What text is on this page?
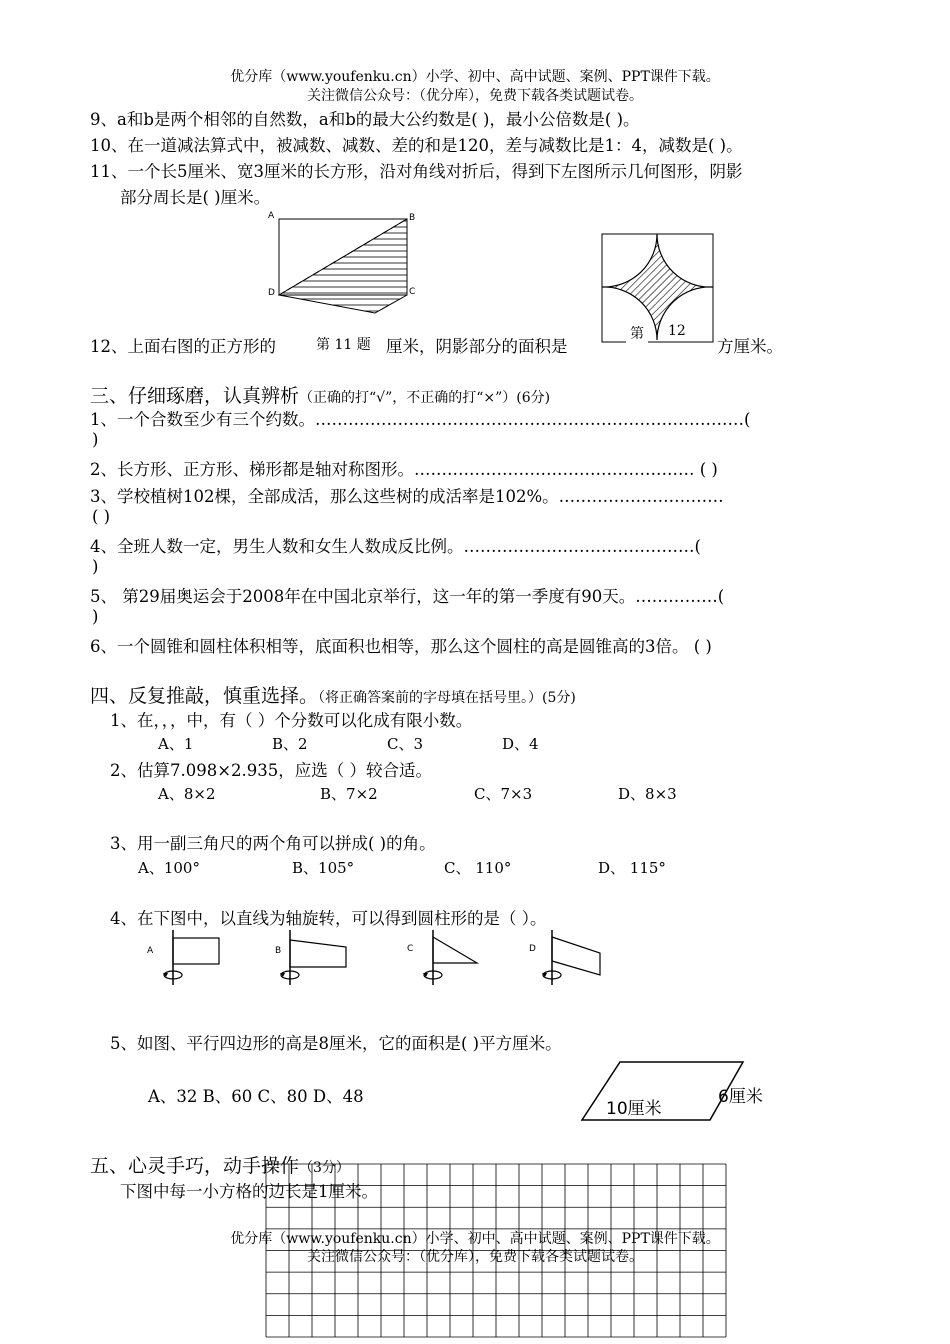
优分库（www.youfenku.cn）小学、初中、高中试题、案例、PPT课件下载。
关注微信公众号：（优分库），免费下载各类试题试卷。
9、a和b是两个相邻的自然数，a和b的最大公约数是( )，最小公倍数是( )。
10、在一道减法算式中，被减数、减数、差的和是120，差与减数比是1：4，减数是( )。
11、一个长5厘米、宽3厘米的长方形，沿对角线对折后，得到下左图所示几何图形，阴影
部分周长是( )厘米。
A	B
C
D
12、上面右图的正方形的	厘米，阴影部分的面积是	方厘米。
第 11 题
第 12
三、仔细琢磨，认真辨析（正确的打“√”，不正确的打“×”）(6分)
1、一个合数至少有三个约数。……………………………………………………………………(
)
2、长方形、正方形、梯形都是轴对称图形。…………………………………………… ( )
3、学校植树102棵，全部成活，那么这些树的成活率是102%。…………………………
( )
4、全班人数一定，男生人数和女生人数成反比例。……………………………………(
)
5、 第29届奥运会于2008年在中国北京举行，这一年的第一季度有90天。……………(
)
6、一个圆锥和圆柱体积相等，底面积也相等，那么这个圆柱的高是圆锥高的3倍。 ( )
四、反复推敲，慎重选择。（将正确答案前的字母填在括号里。）(5分)
1、在，，，中，有（ ）个分数可以化成有限小数。
A、1	B、2	C、3	D、4
2、估算7.098×2.935，应选（ ）较合适。
A、8×2	B、7×2	C、7×3	D、8×3
3、用一副三角尺的两个角可以拼成( )的角。
A、100°	B、105°	C、 110°	D、 115°
4、在下图中，以直线为轴旋转，可以得到圆柱形的是（ ）。
A	B	C	D
5、如图、平行四边形的高是8厘米，它的面积是( )平方厘米。
A、32 B、60 C、80 D、48
10厘米
6厘米
五、心灵手巧，动手操作（3分）
下图中每一小方格的边长是1厘米。
优分库（www.youfenku.cn）小学、初中、高中试题、案例、PPT课件下载。
关注微信公众号：（优分库），免费下载各类试题试卷。
